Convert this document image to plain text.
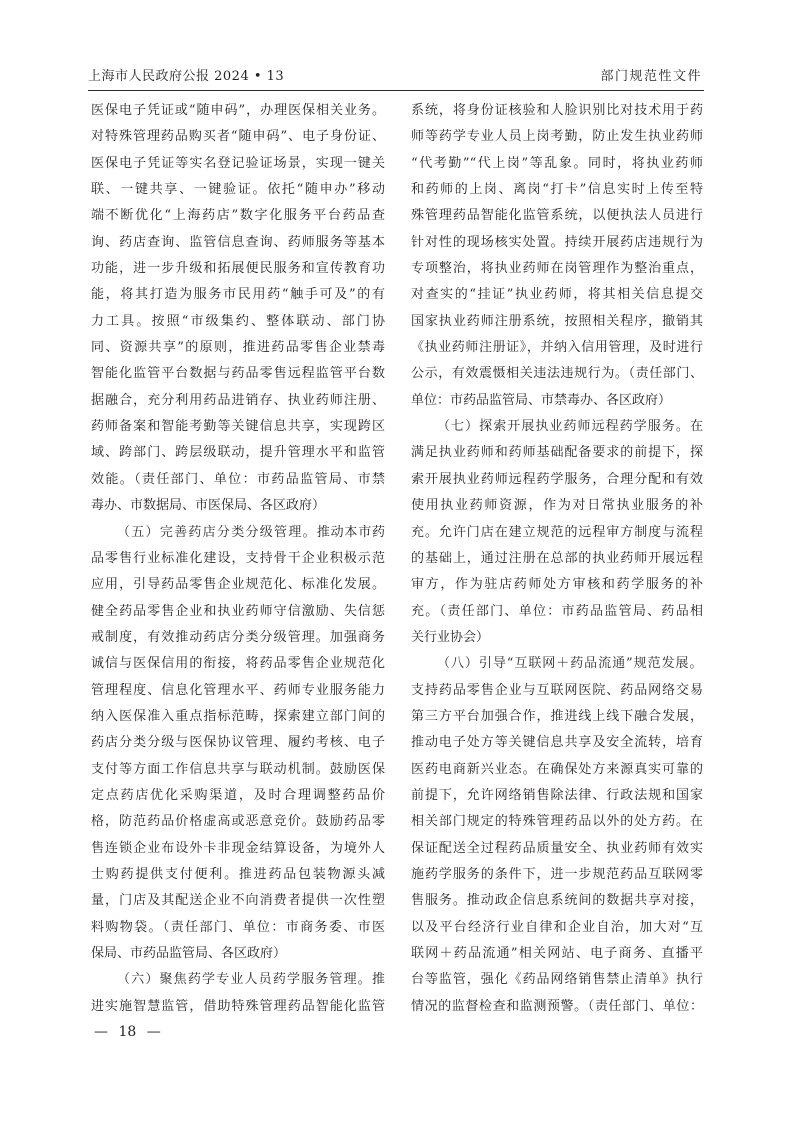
上海市人民政府公报 2024 • 13	部门规范性文件
医保电子凭证或“随申码”，办理医保相关业务。
对特殊管理药品购买者“随申码”、电子身份证、
医保电子凭证等实名登记验证场景，实现一键关
联、一键共享、一键验证。依托“随申办”移动
端不断优化“上海药店”数字化服务平台药品查
询、药店查询、监管信息查询、药师服务等基本
功能，进一步升级和拓展便民服务和宣传教育功
能，将其打造为服务市民用药“触手可及”的有
力工具。按照“市级集约、整体联动、部门协
同、资源共享”的原则，推进药品零售企业禁毒
智能化监管平台数据与药品零售远程监管平台数
据融合，充分利用药品进销存、执业药师注册、
药师备案和智能考勤等关键信息共享，实现跨区
域、跨部门、跨层级联动，提升管理水平和监管
效能。（责任部门、单位：市药品监管局、市禁
毒办、市数据局、市医保局、各区政府）
（五）完善药店分类分级管理。推动本市药
品零售行业标准化建设，支持骨干企业积极示范
应用，引导药品零售企业规范化、标准化发展。
健全药品零售企业和执业药师守信激励、失信惩
戒制度，有效推动药店分类分级管理。加强商务
诚信与医保信用的衔接，将药品零售企业规范化
管理程度、信息化管理水平、药师专业服务能力
纳入医保准入重点指标范畴，探索建立部门间的
药店分类分级与医保协议管理、履约考核、电子
支付等方面工作信息共享与联动机制。鼓励医保
定点药店优化采购渠道，及时合理调整药品价
格，防范药品价格虚高或恶意竞价。鼓励药品零
售连锁企业布设外卡非现金结算设备，为境外人
士购药提供支付便利。推进药品包装物源头减
量，门店及其配送企业不向消费者提供一次性塑
料购物袋。（责任部门、单位：市商务委、市医
保局、市药品监管局、各区政府）
（六）聚焦药学专业人员药学服务管理。推
进实施智慧监管，借助特殊管理药品智能化监管
系统，将身份证核验和人脸识别比对技术用于药
师等药学专业人员上岗考勤，防止发生执业药师
“代考勤”“代上岗”等乱象。同时，将执业药师
和药师的上岗、离岗“打卡”信息实时上传至特
殊管理药品智能化监管系统，以便执法人员进行
针对性的现场核实处置。持续开展药店违规行为
专项整治，将执业药师在岗管理作为整治重点，
对查实的“挂证”执业药师，将其相关信息提交
国家执业药师注册系统，按照相关程序，撤销其
《执业药师注册证》，并纳入信用管理，及时进行
公示，有效震慑相关违法违规行为。（责任部门、
单位：市药品监管局、市禁毒办、各区政府）
（七）探索开展执业药师远程药学服务。在
满足执业药师和药师基础配备要求的前提下，探
索开展执业药师远程药学服务，合理分配和有效
使用执业药师资源，作为对日常执业服务的补
充。允许门店在建立规范的远程审方制度与流程
的基础上，通过注册在总部的执业药师开展远程
审方，作为驻店药师处方审核和药学服务的补
充。（责任部门、单位：市药品监管局、药品相
关行业协会）
（八）引导“互联网＋药品流通”规范发展。
支持药品零售企业与互联网医院、药品网络交易
第三方平台加强合作，推进线上线下融合发展，
推动电子处方等关键信息共享及安全流转，培育
医药电商新兴业态。在确保处方来源真实可靠的
前提下，允许网络销售除法律、行政法规和国家
相关部门规定的特殊管理药品以外的处方药。在
保证配送全过程药品质量安全、执业药师有效实
施药学服务的条件下，进一步规范药品互联网零
售服务。推动政企信息系统间的数据共享对接，
以及平台经济行业自律和企业自治，加大对“互
联网＋药品流通”相关网站、电子商务、直播平
台等监管，强化《药品网络销售禁止清单》执行
情况的监督检查和监测预警。（责任部门、单位：
— 18 —
